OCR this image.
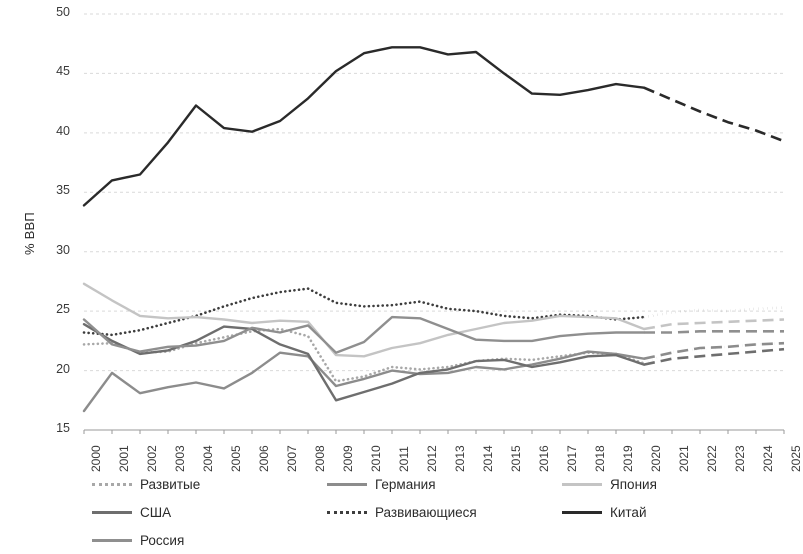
% ВВП
Развитые	Германия	Япония
США	Развивающиеся	Китай
Россия
15
20
25
30
35
40
45
50
2000 2001 2002 2003 2004 2005 2006 2007 2008 2009 2010 2011 2012 2013 2014 2015 2016 2017 2018 2019 2020 2021 2022 2023 2024 2025
